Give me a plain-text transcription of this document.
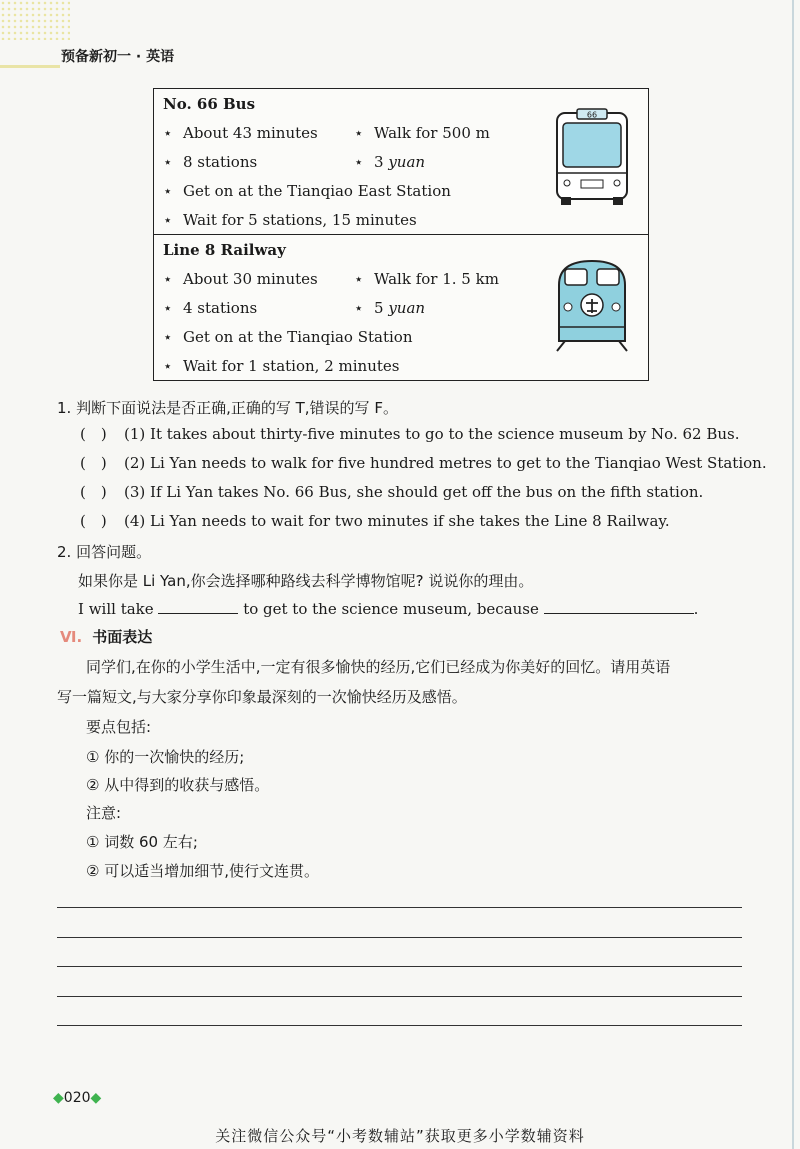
预备新初一 · 英语
No. 66 Bus
⋆ About 43 minutes ⋆ Walk for 500 m
⋆ 8 stations	⋆ 3 yuan
⋆ Get on at the Tianqiao East Station
⋆ Wait for 5 stations, 15 minutes
66
Line 8 Railway
⋆ About 30 minutes ⋆ Walk for 1. 5 km
⋆ 4 stations	⋆ 5 yuan
⋆ Get on at the Tianqiao Station
⋆ Wait for 1 station, 2 minutes
1. 判断下面说法是否正确,正确的写 T,错误的写 F。
( ) (1) It takes about thirty-five minutes to go to the science museum by No. 62 Bus.
( ) (2) Li Yan needs to walk for five hundred metres to get to the Tianqiao West Station.
( ) (3) If Li Yan takes No. 66 Bus, she should get off the bus on the fifth station.
( ) (4) Li Yan needs to wait for two minutes if she takes the Line 8 Railway.
2. 回答问题。
如果你是 Li Yan,你会选择哪种路线去科学博物馆呢? 说说你的理由。
I will take	to get to the science museum, because	.
Ⅵ. 书面表达
同学们,在你的小学生活中,一定有很多愉快的经历,它们已经成为你美好的回忆。请用英语
写一篇短文,与大家分享你印象最深刻的一次愉快经历及感悟。
要点包括:
① 你的一次愉快的经历;
② 从中得到的收获与感悟。
注意:
① 词数 60 左右;
② 可以适当增加细节,使行文连贯。
◆020◆
关注微信公众号“小考数辅站”获取更多小学数辅资料
